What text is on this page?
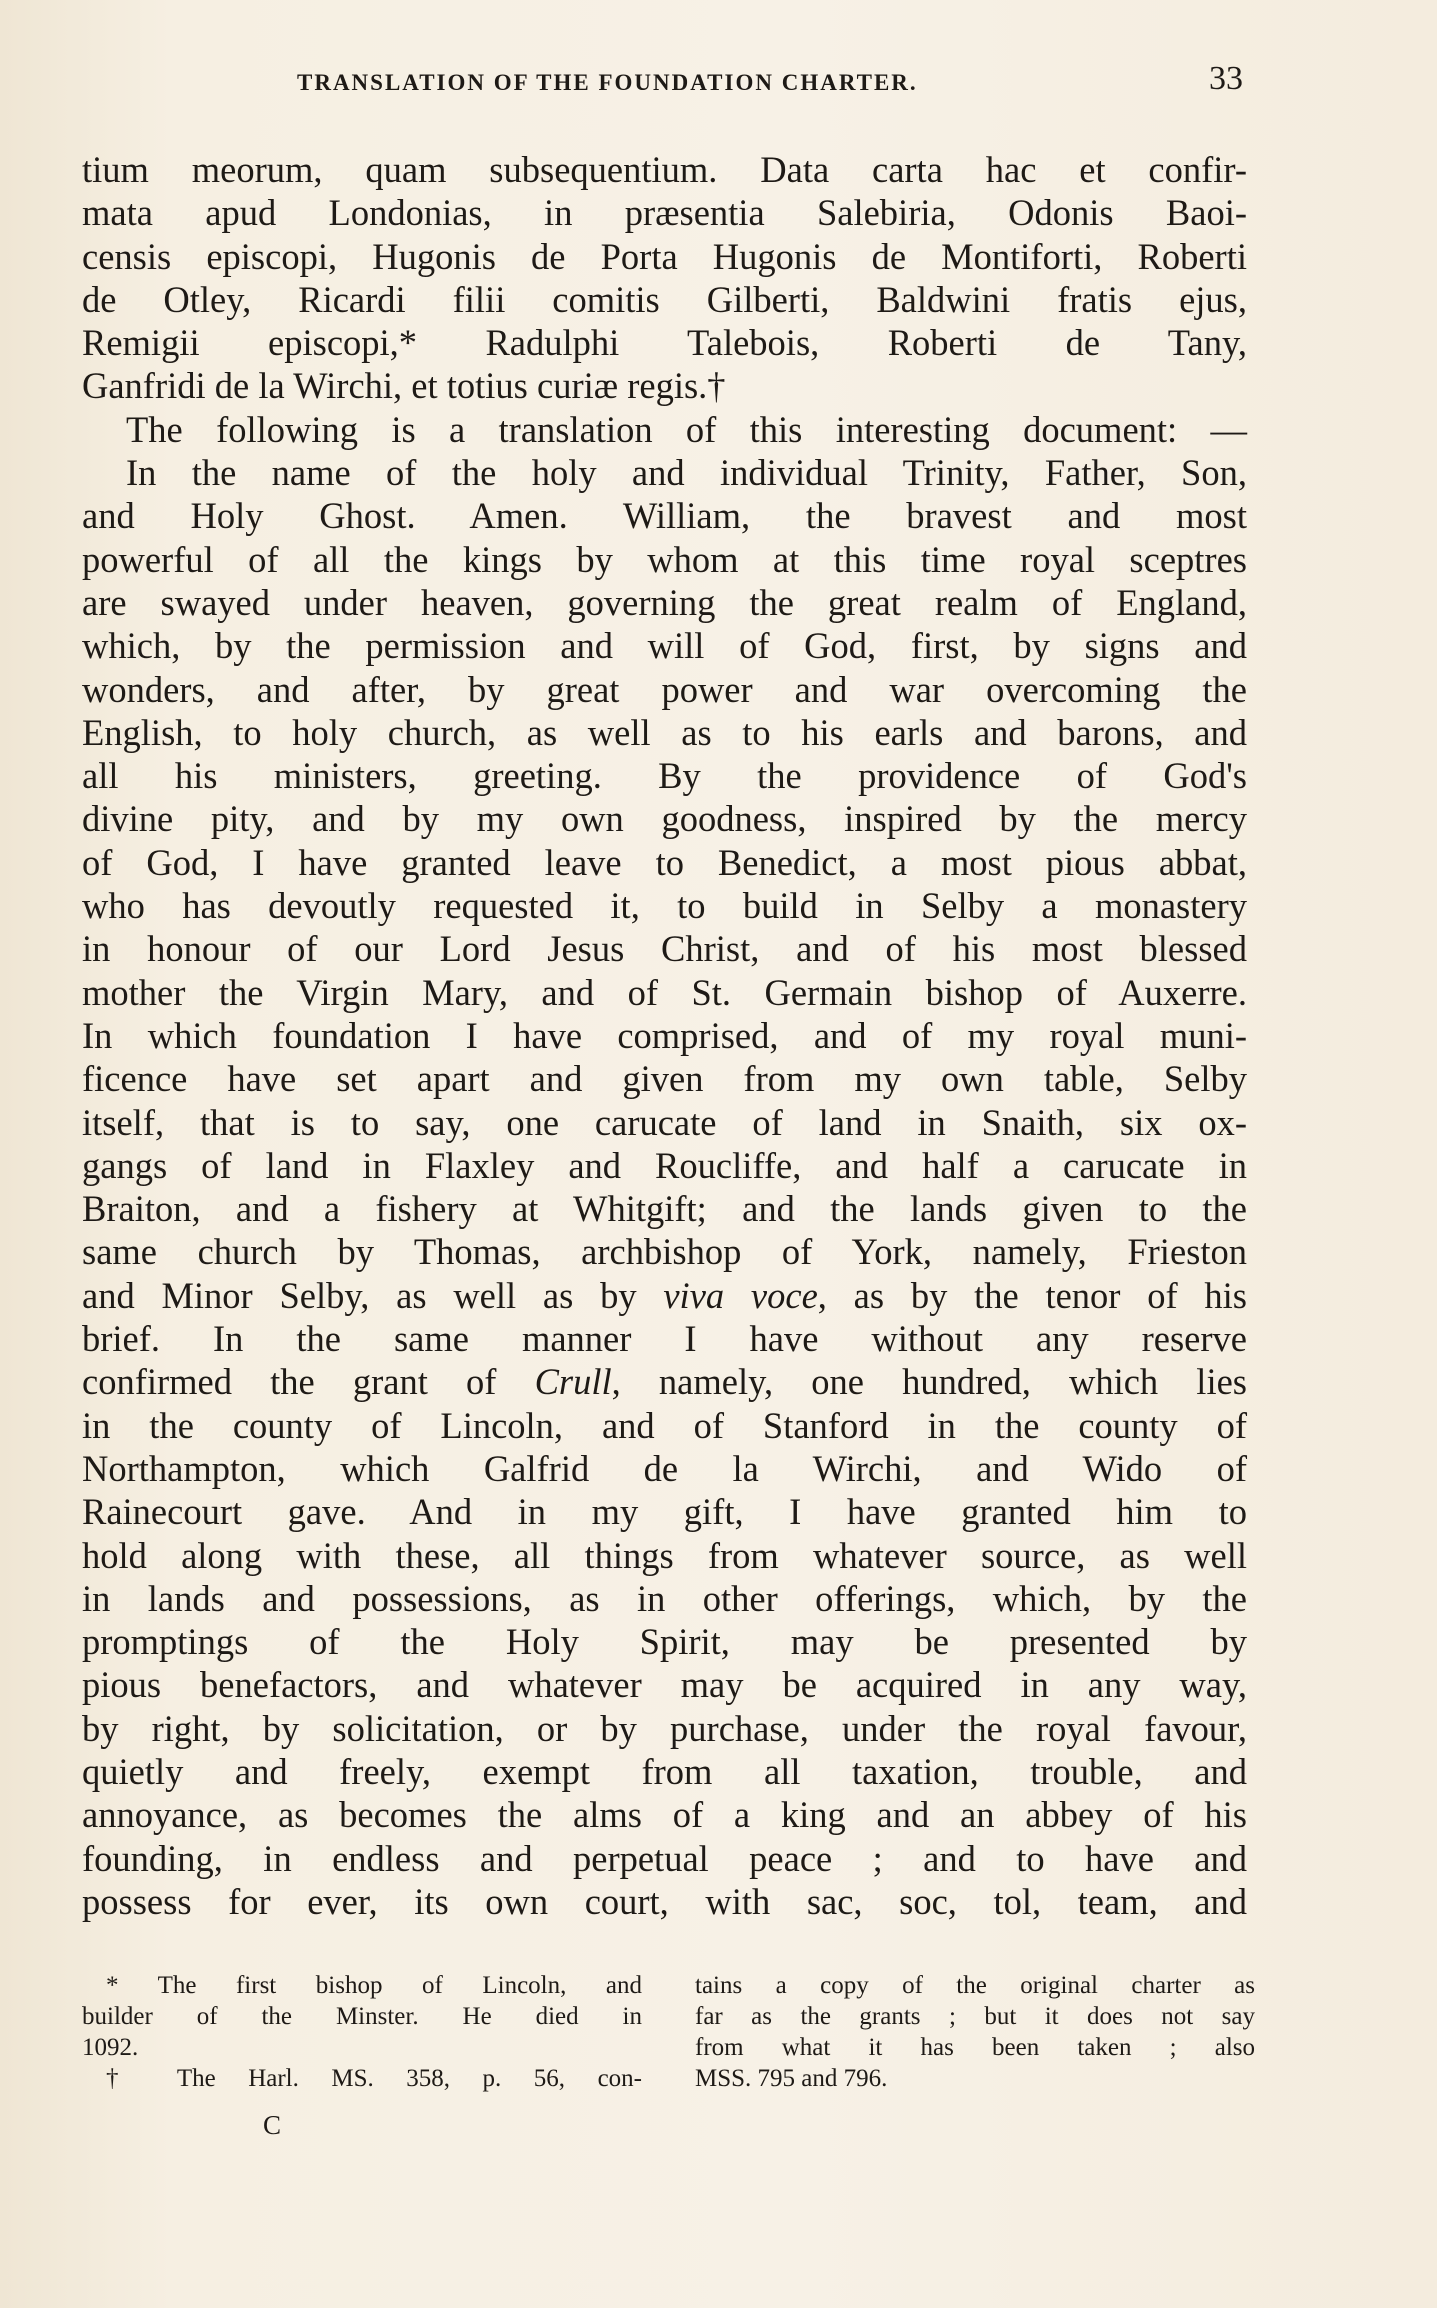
TRANSLATION OF THE FOUNDATION CHARTER.	33
tium meorum, quam subsequentium. Data carta hac et confir-
mata apud Londonias, in præsentia Salebiria, Odonis Baoi-
censis episcopi, Hugonis de Porta Hugonis de Montiforti, Roberti
de Otley, Ricardi filii comitis Gilberti, Baldwini fratis ejus,
Remigii episcopi,* Radulphi Talebois, Roberti de Tany,
Ganfridi de la Wirchi, et totius curiæ regis.†
The following is a translation of this interesting document: —
In the name of the holy and individual Trinity, Father, Son,
and Holy Ghost. Amen. William, the bravest and most
powerful of all the kings by whom at this time royal sceptres
are swayed under heaven, governing the great realm of England,
which, by the permission and will of God, first, by signs and
wonders, and after, by great power and war overcoming the
English, to holy church, as well as to his earls and barons, and
all his ministers, greeting. By the providence of God's
divine pity, and by my own goodness, inspired by the mercy
of God, I have granted leave to Benedict, a most pious abbat,
who has devoutly requested it, to build in Selby a monastery
in honour of our Lord Jesus Christ, and of his most blessed
mother the Virgin Mary, and of St. Germain bishop of Auxerre.
In which foundation I have comprised, and of my royal muni-
ficence have set apart and given from my own table, Selby
itself, that is to say, one carucate of land in Snaith, six ox-
gangs of land in Flaxley and Roucliffe, and half a carucate in
Braiton, and a fishery at Whitgift; and the lands given to the
same church by Thomas, archbishop of York, namely, Frieston
and Minor Selby, as well as by viva voce, as by the tenor of his
brief. In the same manner I have without any reserve
confirmed the grant of Crull, namely, one hundred, which lies
in the county of Lincoln, and of Stanford in the county of
Northampton, which Galfrid de la Wirchi, and Wido of
Rainecourt gave. And in my gift, I have granted him to
hold along with these, all things from whatever source, as well
in lands and possessions, as in other offerings, which, by the
promptings of the Holy Spirit, may be presented by
pious benefactors, and whatever may be acquired in any way,
by right, by solicitation, or by purchase, under the royal favour,
quietly and freely, exempt from all taxation, trouble, and
annoyance, as becomes the alms of a king and an abbey of his
founding, in endless and perpetual peace ; and to have and
possess for ever, its own court, with sac, soc, tol, team, and
* The first bishop of Lincoln, and
builder of the Minster. He died in
1092.
† The Harl. MS. 358, p. 56, con-
tains a copy of the original charter as
far as the grants ; but it does not say
from what it has been taken ; also
MSS. 795 and 796.
C
